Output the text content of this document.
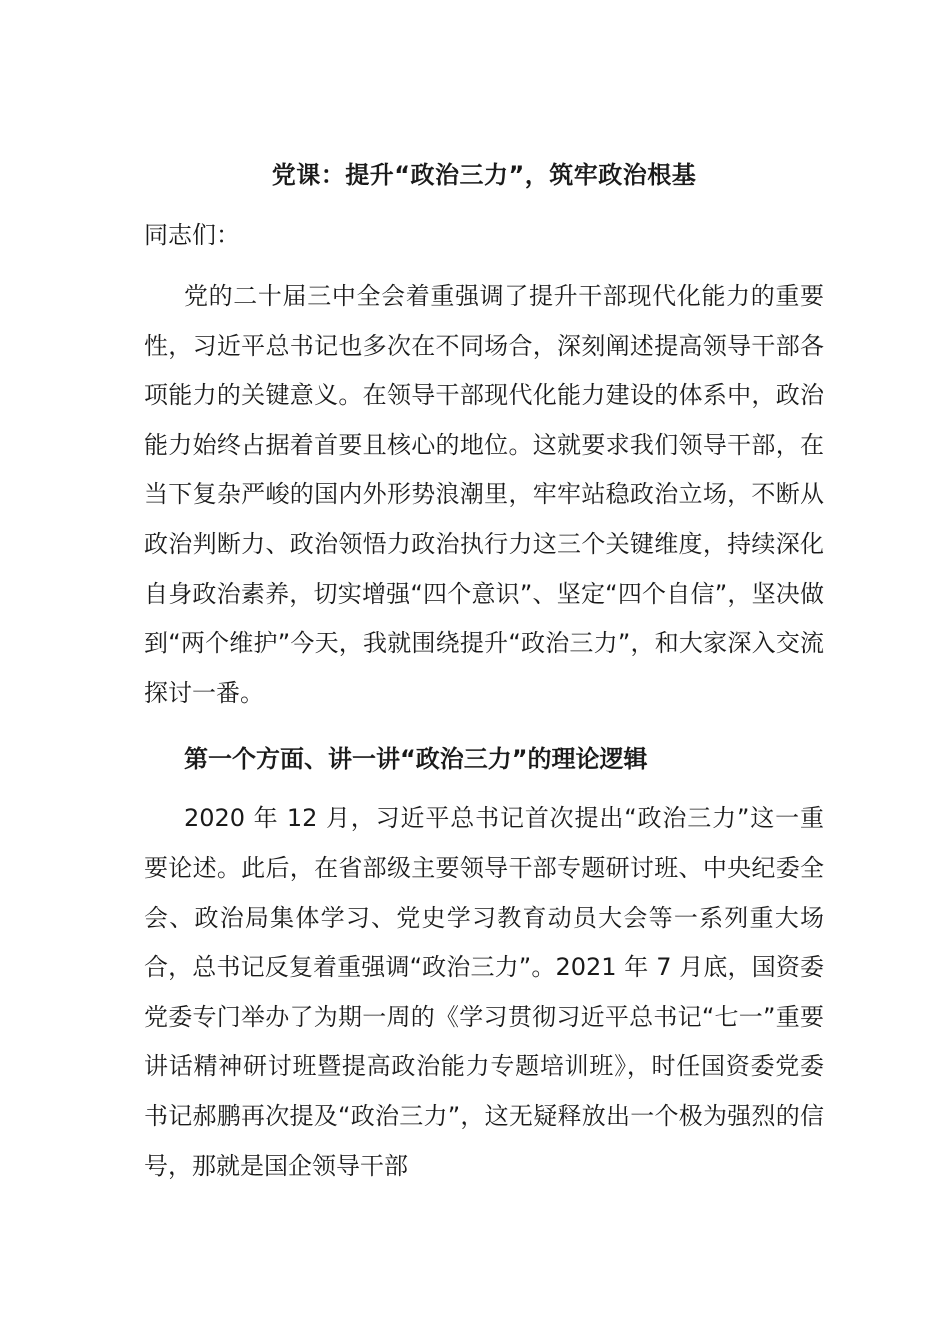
党课：提升“政治三力”，筑牢政治根基

同志们：

党的二十届三中全会着重强调了提升干部现代化能力的重要性，习近平总书记也多次在不同场合，深刻阐述提高领导干部各项能力的关键意义。在领导干部现代化能力建设的体系中，政治能力始终占据着首要且核心的地位。这就要求我们领导干部，在当下复杂严峻的国内外形势浪潮里，牢牢站稳政治立场，不断从政治判断力、政治领悟力政治执行力这三个关键维度，持续深化自身政治素养，切实增强“四个意识”、坚定“四个自信”，坚决做到“两个维护”今天，我就围绕提升“政治三力”，和大家深入交流探讨一番。

第一个方面、讲一讲“政治三力”的理论逻辑

2020 年 12 月，习近平总书记首次提出“政治三力”这一重要论述。此后，在省部级主要领导干部专题研讨班、中央纪委全会、政治局集体学习、党史学习教育动员大会等一系列重大场合，总书记反复着重强调“政治三力”。2021 年 7 月底，国资委党委专门举办了为期一周的《学习贯彻习近平总书记“七一”重要讲话精神研讨班暨提高政治能力专题培训班》，时任国资委党委书记郝鹏再次提及“政治三力”，这无疑释放出一个极为强烈的信号，那就是国企领导干部
